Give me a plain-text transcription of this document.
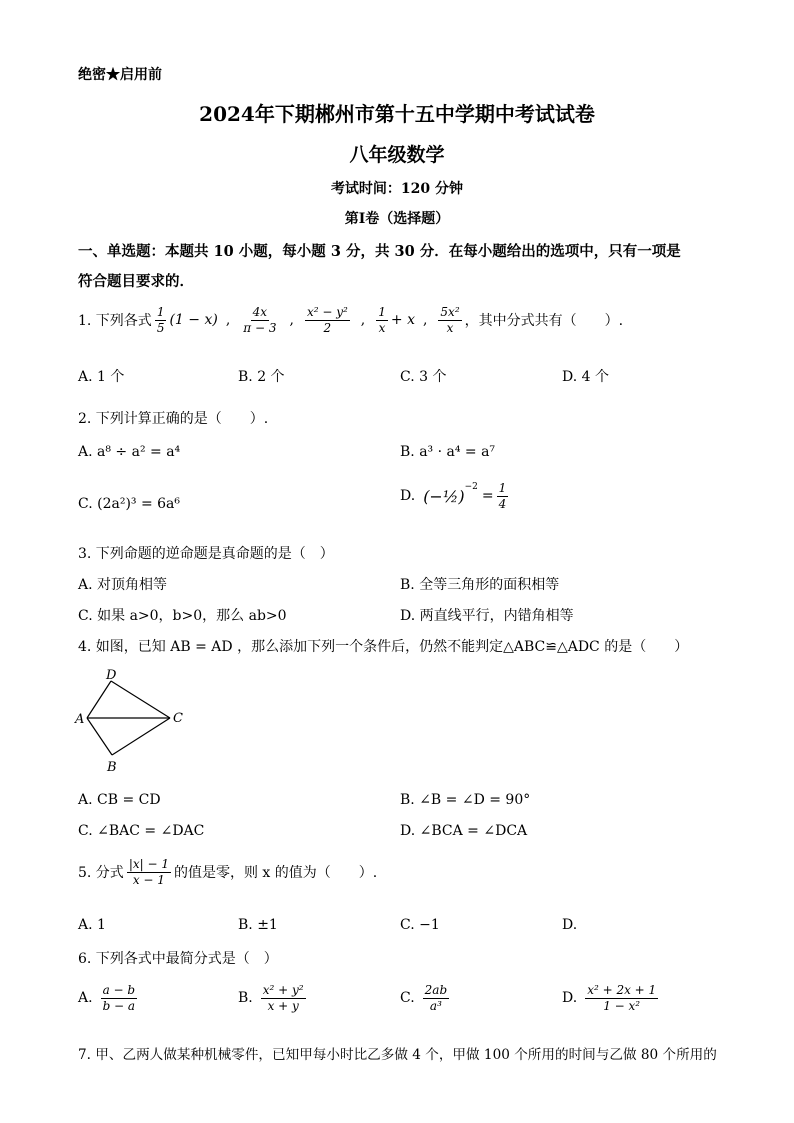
绝密★启用前
2024年下期郴州市第十五中学期中考试试卷
八年级数学
考试时间：120 分钟
第Ⅰ卷（选择题）
一、单选题：本题共 10 小题，每小题 3 分，共 30 分．在每小题给出的选项中，只有一项是
符合题目要求的．
1. 下列各式 $\frac{1}{5} (1 - x)$ , $\frac{4x}{\pi - 3}$ , $\frac{\text{x² − y²}}{2}$ , $\frac{1}{x} + x$ , $\frac{\text{5x²}}{x}$ ，其中分式共有（　　）.
A. 1 个	B. 2 个	C. 3 个	D. 4 个
2. 下列计算正确的是（　　）.
A. a⁸ ÷ a² = a⁴	B. a³ · a⁴ = a⁷
C. (2a²)³ = 6a⁶	D. (−½)$^{-2}$
= $\frac{1}{4}$
3. 下列命题的逆命题是真命题的是（　）
A. 对顶角相等	B. 全等三角形的面积相等
C. 如果 a>0，b>0，那么 ab>0	D. 两直线平行，内错角相等
4. 如图，已知 AB = AD ，那么添加下列一个条件后，仍然不能判定△ABC≌△ADC 的是（　　）
D
A	C
B
A. CB = CD	B. ∠B = ∠D = 90°
C. ∠BAC = ∠DAC	D. ∠BCA = ∠DCA
5. 分式 $\frac{|x| - 1}{x - 1}$ 的值是零，则 x 的值为（　　）.
A. 1	B. ±1	C. −1	D.
6. 下列各式中最简分式是（　）
A. $\frac{a - b}{b - a}$	B. $\frac{\text{x² + y²}}{x + y}$	C. $\frac{2ab}{\text{a³}}$	D. $\frac{\text{x² + 2x + 1}}{\text{1 − x²}}$
7. 甲、乙两人做某种机械零件，已知甲每小时比乙多做 4 个，甲做 100 个所用的时间与乙做 80 个所用的
